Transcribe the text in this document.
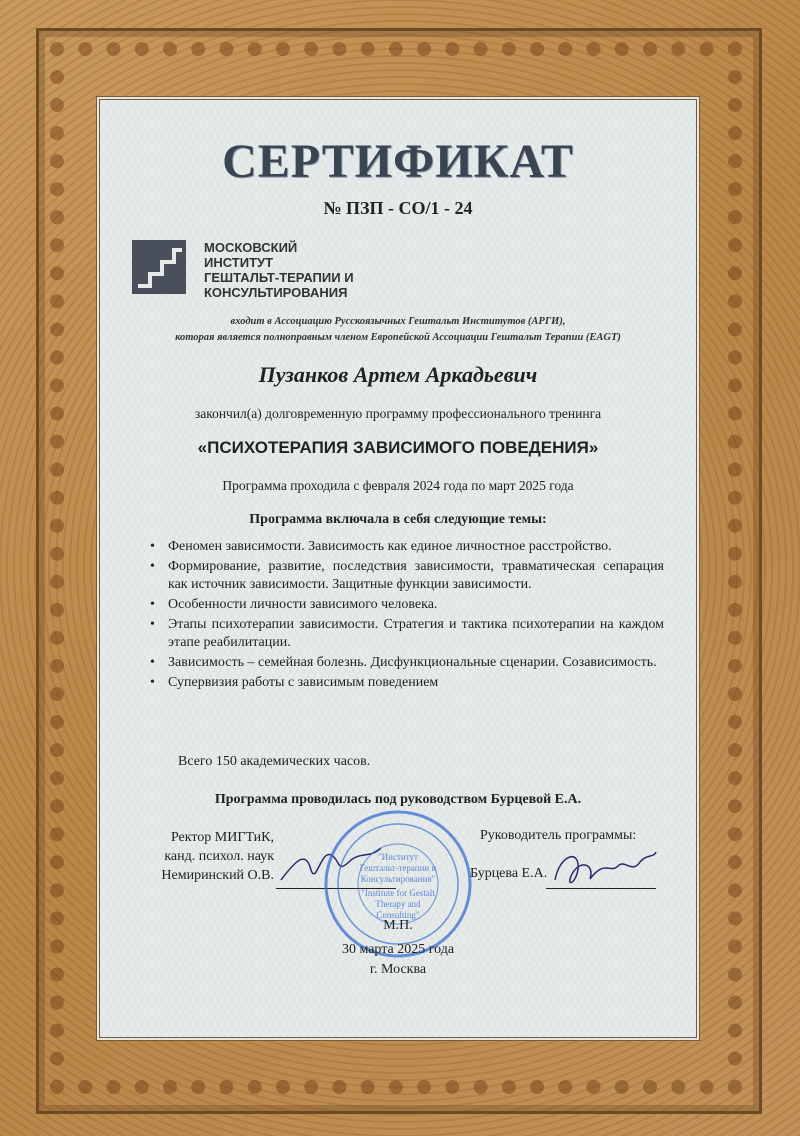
СЕРТИФИКАТ
№ ПЗП - СО/1 - 24
МОСКОВСКИЙ
ИНСТИТУТ
ГЕШТАЛЬТ-ТЕРАПИИ И
КОНСУЛЬТИРОВАНИЯ
входит в Ассоциацию Русскоязычных Гештальт Институтов (АРГИ),
которая является полноправным членом Европейской Ассоциации Гештальт Терапии (EAGT)
Пузанков Артем Аркадьевич
закончил(а) долговременную программу профессионального тренинга
«ПСИХОТЕРАПИЯ ЗАВИСИМОГО ПОВЕДЕНИЯ»
Программа проходила с февраля 2024 года по март 2025 года
Программа включала в себя следующие темы:
• Феномен зависимости. Зависимость как единое личностное расстройство.
• Формирование, развитие, последствия зависимости, травматическая сепарация как источник зависимости. Защитные функции зависимости.
• Особенности личности зависимого человека.
• Этапы психотерапии зависимости. Стратегия и тактика психотерапии на каждом этапе реабилитации.
• Зависимость – семейная болезнь. Дисфункциональные сценарии. Созависимость.
• Супервизия работы с зависимым поведением
Всего 150 академических часов.
Программа проводилась под руководством Бурцевой Е.А.
Ректор МИГТиК,
канд. психол. наук
Немиринский О.В.
"Институт
Гештальт-терапии и
Консультирования"
"Institute for Gestalt
Therapy and
Consulting"
Руководитель программы:
Бурцева Е.А.
М.П.
30 марта 2025 года
г. Москва
